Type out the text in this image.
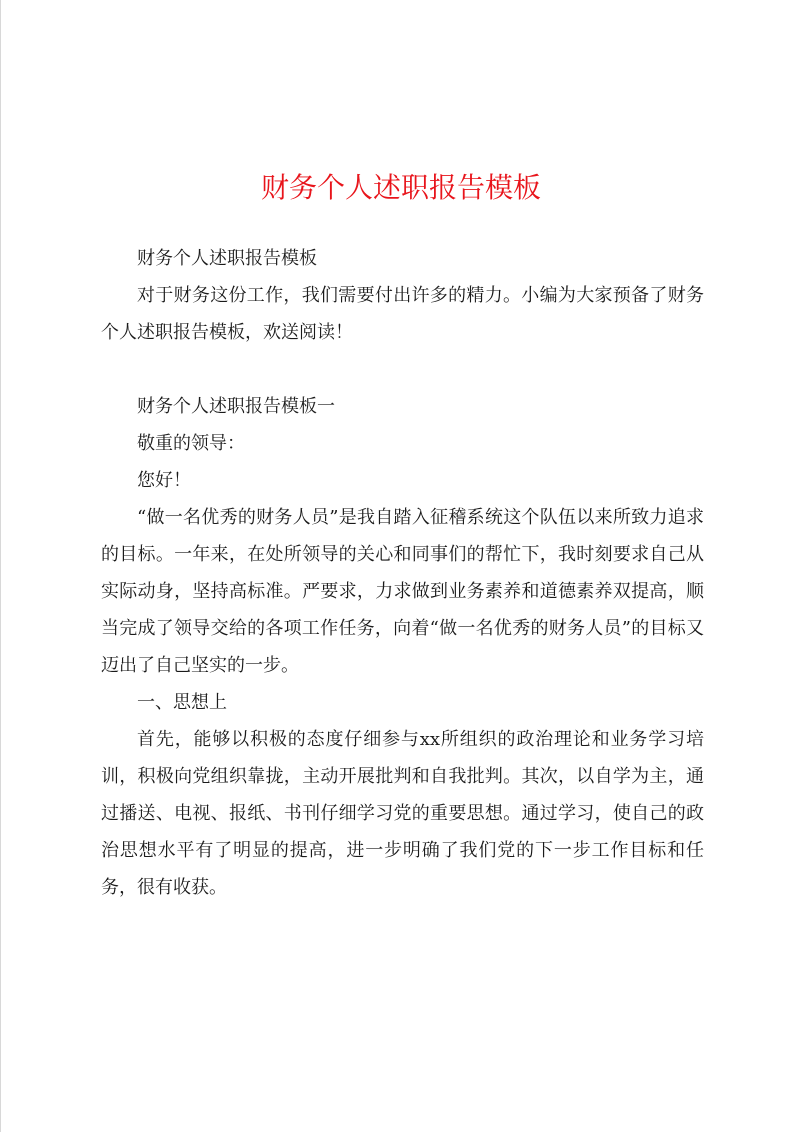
财务个人述职报告模板

财务个人述职报告模板

对于财务这份工作，我们需要付出许多的精力。小编为大家预备了财务个人述职报告模板，欢送阅读！

财务个人述职报告模板一

敬重的领导：

您好！

“做一名优秀的财务人员”是我自踏入征稽系统这个队伍以来所致力追求的目标。一年来，在处所领导的关心和同事们的帮忙下，我时刻要求自己从实际动身，坚持高标准。严要求，力求做到业务素养和道德素养双提高，顺当完成了领导交给的各项工作任务，向着“做一名优秀的财务人员”的目标又迈出了自己坚实的一步。

一、思想上

首先，能够以积极的态度仔细参与xx所组织的政治理论和业务学习培训，积极向党组织靠拢，主动开展批判和自我批判。其次，以自学为主，通过播送、电视、报纸、书刊仔细学习党的重要思想。通过学习，使自己的政治思想水平有了明显的提高，进一步明确了我们党的下一步工作目标和任务，很有收获。
